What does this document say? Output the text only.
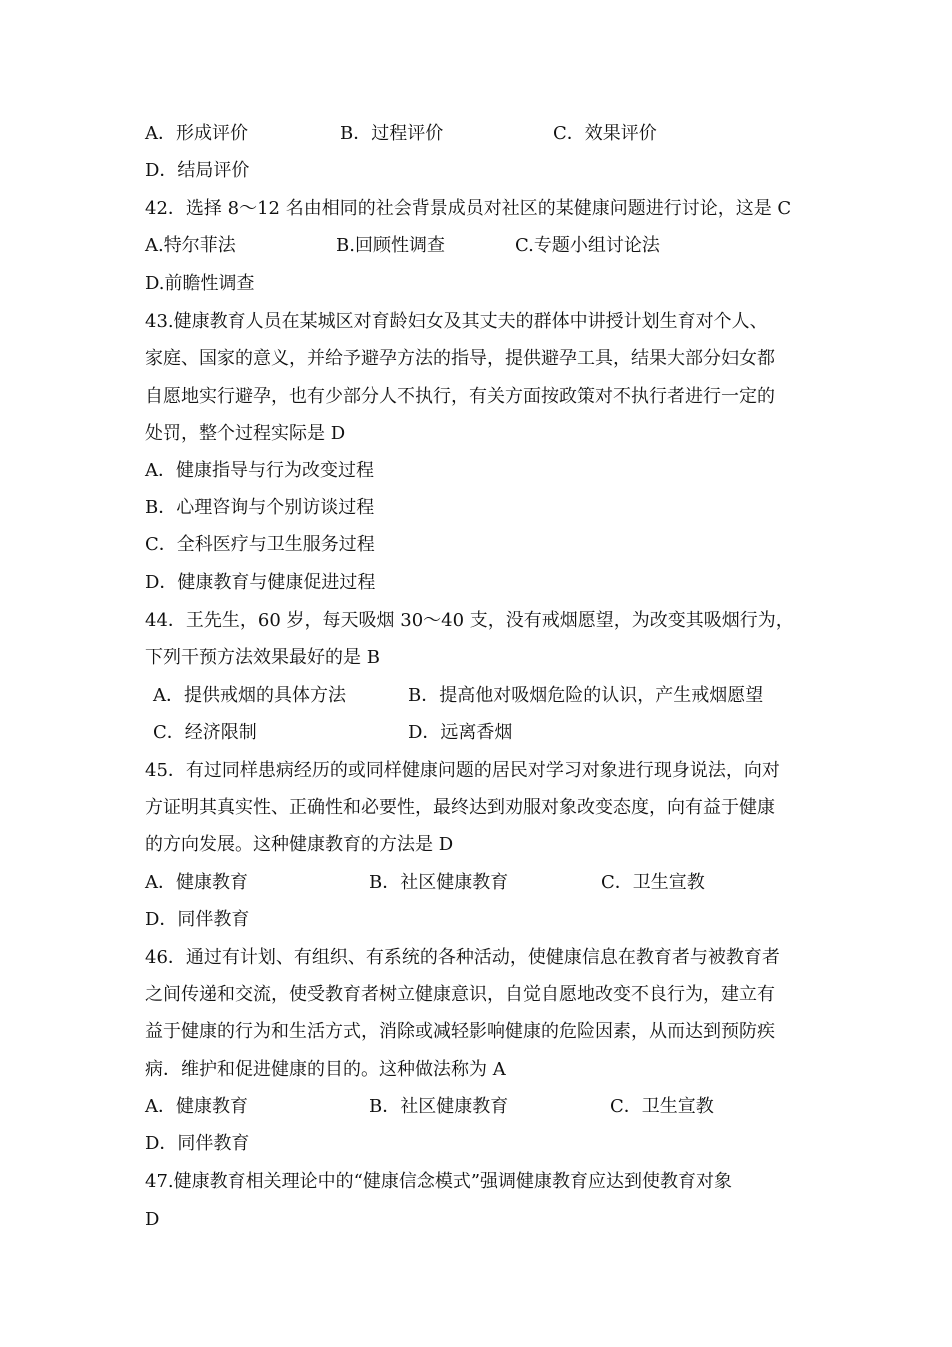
A．形成评价	B．过程评价	C．效果评价
D．结局评价
42．选择 8～12 名由相同的社会背景成员对社区的某健康问题进行讨论，这是 C
A.特尔菲法	B.回顾性调查	C.专题小组讨论法
D.前瞻性调查
43.健康教育人员在某城区对育龄妇女及其丈夫的群体中讲授计划生育对个人、
家庭、国家的意义，并给予避孕方法的指导，提供避孕工具，结果大部分妇女都
自愿地实行避孕，也有少部分人不执行，有关方面按政策对不执行者进行一定的
处罚，整个过程实际是 D
A．健康指导与行为改变过程
B．心理咨询与个别访谈过程
C．全科医疗与卫生服务过程
D．健康教育与健康促进过程
44．王先生，60 岁，每天吸烟 30～40 支，没有戒烟愿望，为改变其吸烟行为，
下列干预方法效果最好的是 B
A．提供戒烟的具体方法	B．提高他对吸烟危险的认识，产生戒烟愿望
C．经济限制	D．远离香烟
45．有过同样患病经历的或同样健康问题的居民对学习对象进行现身说法，向对
方证明其真实性、正确性和必要性，最终达到劝服对象改变态度，向有益于健康
的方向发展。这种健康教育的方法是 D
A．健康教育	B．社区健康教育	C．卫生宣教
D．同伴教育
46．通过有计划、有组织、有系统的各种活动，使健康信息在教育者与被教育者
之间传递和交流，使受教育者树立健康意识，自觉自愿地改变不良行为，建立有
益于健康的行为和生活方式，消除或减轻影响健康的危险因素，从而达到预防疾
病．维护和促进健康的目的。这种做法称为 A
A．健康教育	B．社区健康教育	C．卫生宣教
D．同伴教育
47.健康教育相关理论中的“健康信念模式”强调健康教育应达到使教育对象
D
